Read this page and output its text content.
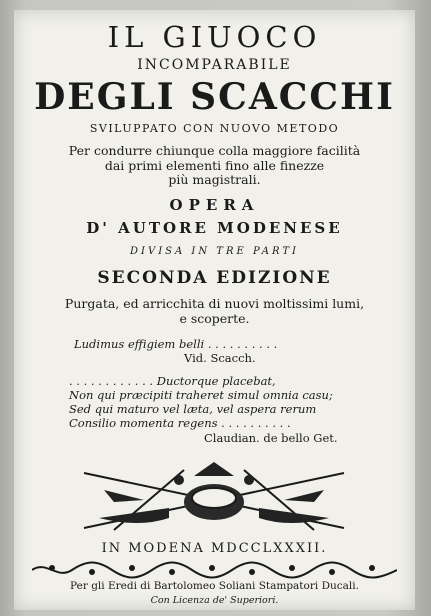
IL GIUOCO
INCOMPARABILE
DEGLI SCACCHI
SVILUPPATO CON NUOVO METODO
Per condurre chiunque colla maggiore facilità
dai primi elementi fino alle finezze
più magistrali.
OPERA
D' AUTORE MODENESE
DIVISA IN TRE PARTI
SECONDA EDIZIONE
Purgata, ed arricchita di nuovi moltissimi lumi,
e scoperte.
Ludimus effigiem belli . . . . . . . . . .
Vid. Scacch.
. . . . . . . . . . . . Ductorque placebat,
Non qui præcipiti traheret simul omnia casu;
Sed qui maturo vel læta, vel aspera rerum
Consilio momenta regens . . . . . . . . . .
Claudian. de bello Get.
IN MODENA MDCCLXXXII.
Per gli Eredi di Bartolomeo Soliani Stampatori Ducali.
Con Licenza de' Superiori.
